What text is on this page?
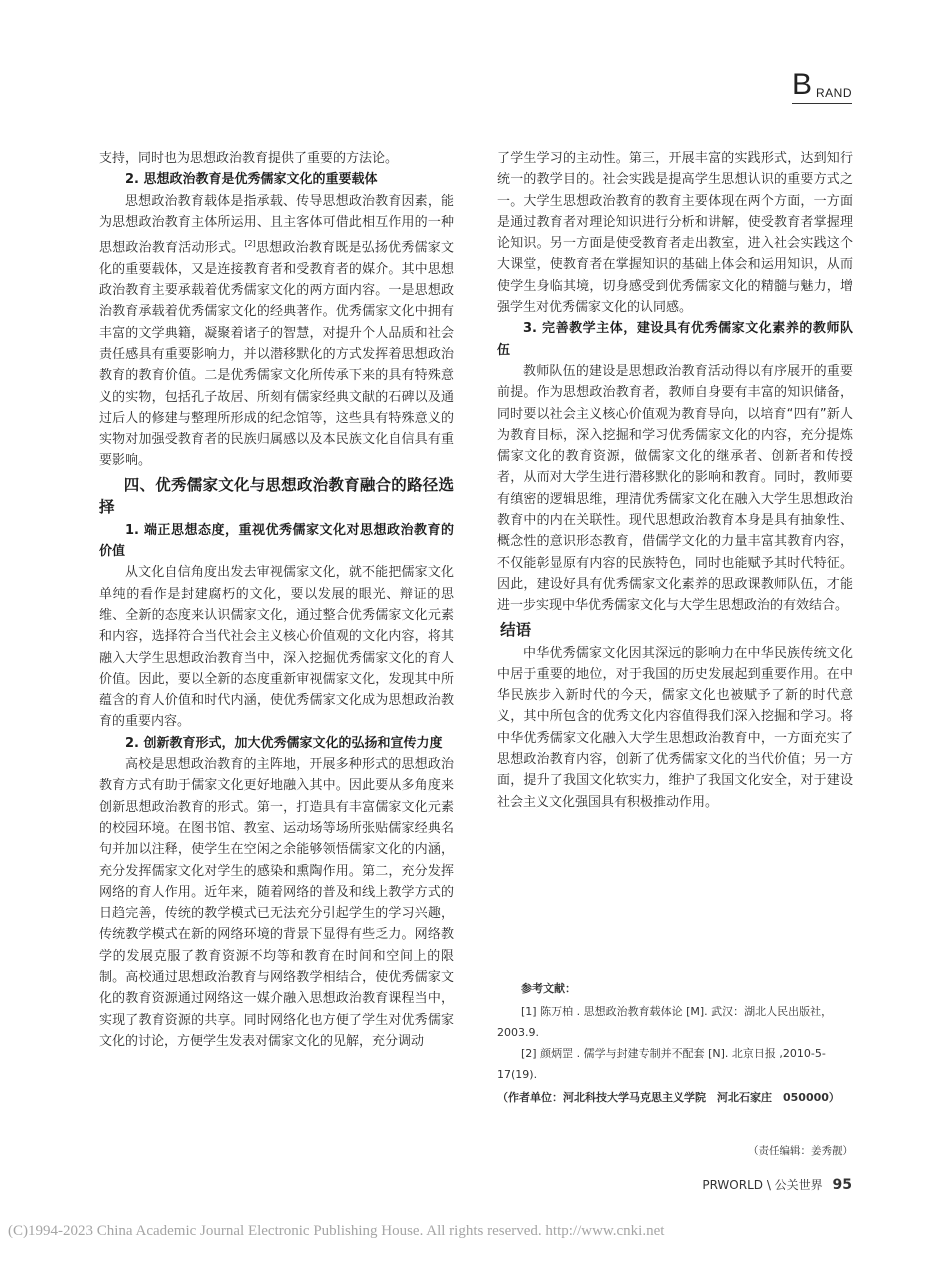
B RAND

支持，同时也为思想政治教育提供了重要的方法论。

2. 思想政治教育是优秀儒家文化的重要载体

思想政治教育载体是指承载、传导思想政治教育因素，能为思想政治教育主体所运用、且主客体可借此相互作用的一种思想政治教育活动形式。[2]思想政治教育既是弘扬优秀儒家文化的重要载体，又是连接教育者和受教育者的媒介。其中思想政治教育主要承载着优秀儒家文化的两方面内容。一是思想政治教育承载着优秀儒家文化的经典著作。优秀儒家文化中拥有丰富的文学典籍，凝聚着诸子的智慧，对提升个人品质和社会责任感具有重要影响力，并以潜移默化的方式发挥着思想政治教育的教育价值。二是优秀儒家文化所传承下来的具有特殊意义的实物，包括孔子故居、所刻有儒家经典文献的石碑以及通过后人的修建与整理所形成的纪念馆等，这些具有特殊意义的实物对加强受教育者的民族归属感以及本民族文化自信具有重要影响。

四、优秀儒家文化与思想政治教育融合的路径选择
1. 端正思想态度，重视优秀儒家文化对思想政治教育的价值

从文化自信角度出发去审视儒家文化，就不能把儒家文化单纯的看作是封建腐朽的文化，要以发展的眼光、辩证的思维、全新的态度来认识儒家文化，通过整合优秀儒家文化元素和内容，选择符合当代社会主义核心价值观的文化内容，将其融入大学生思想政治教育当中，深入挖掘优秀儒家文化的育人价值。因此，要以全新的态度重新审视儒家文化，发现其中所蕴含的育人价值和时代内涵，使优秀儒家文化成为思想政治教育的重要内容。

2. 创新教育形式，加大优秀儒家文化的弘扬和宣传力度

高校是思想政治教育的主阵地，开展多种形式的思想政治教育方式有助于儒家文化更好地融入其中。因此要从多角度来创新思想政治教育的形式。第一，打造具有丰富儒家文化元素的校园环境。在图书馆、教室、运动场等场所张贴儒家经典名句并加以注释，使学生在空闲之余能够领悟儒家文化的内涵，充分发挥儒家文化对学生的感染和熏陶作用。第二，充分发挥网络的育人作用。近年来，随着网络的普及和线上教学方式的日趋完善，传统的教学模式已无法充分引起学生的学习兴趣，传统教学模式在新的网络环境的背景下显得有些乏力。网络教学的发展克服了教育资源不均等和教育在时间和空间上的限制。高校通过思想政治教育与网络教学相结合，使优秀儒家文化的教育资源通过网络这一媒介融入思想政治教育课程当中，实现了教育资源的共享。同时网络化也方便了学生对优秀儒家文化的讨论，方便学生发表对儒家文化的见解，充分调动

了学生学习的主动性。第三，开展丰富的实践形式，达到知行统一的教学目的。社会实践是提高学生思想认识的重要方式之一。大学生思想政治教育的教育主要体现在两个方面，一方面是通过教育者对理论知识进行分析和讲解，使受教育者掌握理论知识。另一方面是使受教育者走出教室，进入社会实践这个大课堂，使教育者在掌握知识的基础上体会和运用知识，从而使学生身临其境，切身感受到优秀儒家文化的精髓与魅力，增强学生对优秀儒家文化的认同感。

3. 完善教学主体，建设具有优秀儒家文化素养的教师队伍

教师队伍的建设是思想政治教育活动得以有序展开的重要前提。作为思想政治教育者，教师自身要有丰富的知识储备，同时要以社会主义核心价值观为教育导向，以培育“四有”新人为教育目标，深入挖掘和学习优秀儒家文化的内容，充分提炼儒家文化的教育资源，做儒家文化的继承者、创新者和传授者，从而对大学生进行潜移默化的影响和教育。同时，教师要有缜密的逻辑思维，理清优秀儒家文化在融入大学生思想政治教育中的内在关联性。现代思想政治教育本身是具有抽象性、概念性的意识形态教育，借儒学文化的力量丰富其教育内容，不仅能彰显原有内容的民族特色，同时也能赋予其时代特征。因此，建设好具有优秀儒家文化素养的思政课教师队伍，才能进一步实现中华优秀儒家文化与大学生思想政治的有效结合。

结语

中华优秀儒家文化因其深远的影响力在中华民族传统文化中居于重要的地位，对于我国的历史发展起到重要作用。在中华民族步入新时代的今天，儒家文化也被赋予了新的时代意义，其中所包含的优秀文化内容值得我们深入挖掘和学习。将中华优秀儒家文化融入大学生思想政治教育中，一方面充实了思想政治教育内容，创新了优秀儒家文化的当代价值；另一方面，提升了我国文化软实力，维护了我国文化安全，对于建设社会主义文化强国具有积极推动作用。

参考文献：

[1] 陈万柏 . 思想政治教育载体论 [M]. 武汉：湖北人民出版社，2003.9.

[2] 颜炳罡 . 儒学与封建专制并不配套 [N]. 北京日报 ,2010-5-17(19).

（作者单位：河北科技大学马克思主义学院　河北石家庄　050000）
（责任编辑：姜秀靓）
PRWORLD \ 公关世界 95
(C)1994-2023 China Academic Journal Electronic Publishing House. All rights reserved. http://www.cnki.net
